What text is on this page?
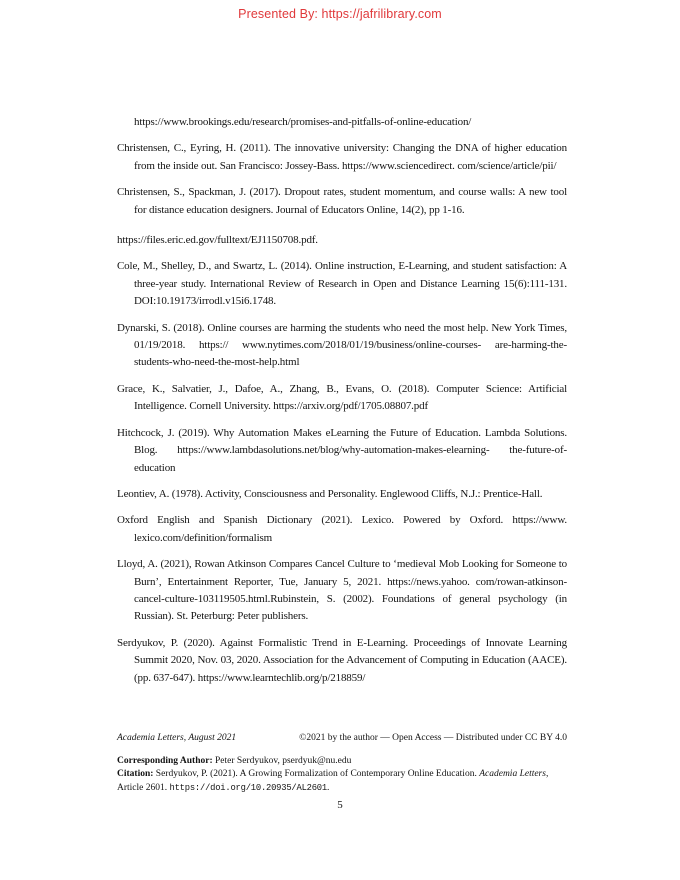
Presented By: https://jafrilibrary.com

https://www.brookings.edu/research/promises-and-pitfalls-of-online-education/

Christensen, C., Eyring, H. (2011). The innovative university: Changing the DNA of higher education from the inside out. San Francisco: Jossey-Bass. https://www.sciencedirect. com/science/article/pii/

Christensen, S., Spackman, J. (2017). Dropout rates, student momentum, and course walls: A new tool for distance education designers. Journal of Educators Online, 14(2), pp 1-16.

https://files.eric.ed.gov/fulltext/EJ1150708.pdf.

Cole, M., Shelley, D., and Swartz, L. (2014). Online instruction, E-Learning, and student satisfaction: A three-year study. International Review of Research in Open and Distance Learning 15(6):111-131. DOI:10.19173/irrodl.v15i6.1748.

Dynarski, S. (2018). Online courses are harming the students who need the most help. New York Times, 01/19/2018. https:// www.nytimes.com/2018/01/19/business/online-courses- are-harming-the-students-who-need-the-most-help.html

Grace, K., Salvatier, J., Dafoe, A., Zhang, B., Evans, O. (2018). Computer Science: Artificial Intelligence. Cornell University. https://arxiv.org/pdf/1705.08807.pdf

Hitchcock, J. (2019). Why Automation Makes eLearning the Future of Education. Lambda Solutions. Blog. https://www.lambdasolutions.net/blog/why-automation-makes-elearning- the-future-of-education

Leontiev, A. (1978). Activity, Consciousness and Personality. Englewood Cliffs, N.J.: Prentice-Hall.

Oxford English and Spanish Dictionary (2021). Lexico. Powered by Oxford. https://www. lexico.com/definition/formalism

Lloyd, A. (2021), Rowan Atkinson Compares Cancel Culture to ‘medieval Mob Looking for Someone to Burn’, Entertainment Reporter, Tue, January 5, 2021. https://news.yahoo. com/rowan-atkinson-cancel-culture-103119505.html.Rubinstein, S. (2002). Foundations of general psychology (in Russian). St. Peterburg: Peter publishers.

Serdyukov, P. (2020). Against Formalistic Trend in E-Learning. Proceedings of Innovate Learning Summit 2020, Nov. 03, 2020. Association for the Advancement of Computing in Education (AACE). (pp. 637-647). https://www.learntechlib.org/p/218859/

Academia Letters, August 2021	©2021 by the author — Open Access — Distributed under CC BY 4.0
Corresponding Author: Peter Serdyukov, pserdyuk@nu.edu
Citation: Serdyukov, P. (2021). A Growing Formalization of Contemporary Online Education. Academia Letters, Article 2601. https://doi.org/10.20935/AL2601.
5
